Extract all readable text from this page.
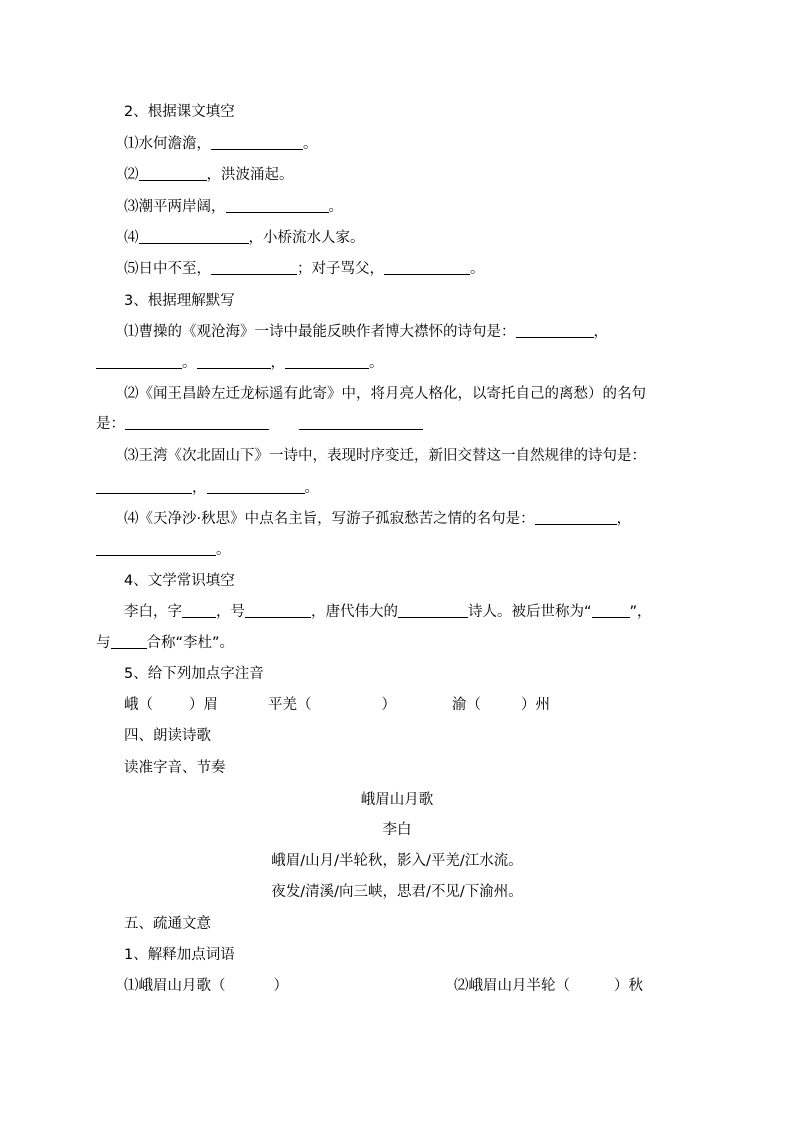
2、根据课文填空
⑴水何澹澹，	。
⑵	，洪波涌起。
⑶潮平两岸阔，	。
⑷	，小桥流水人家。
⑸日中不至，	；对子骂父，	。
3、根据理解默写
⑴曹操的《观沧海》一诗中最能反映作者博大襟怀的诗句是：	，
。	，	。
⑵《闻王昌龄左迁龙标遥有此寄》中，将月亮人格化，以寄托自己的离愁）的名句
是：
⑶王湾《次北固山下》一诗中，表现时序变迁，新旧交替这一自然规律的诗句是：
，	。
⑷《天净沙·秋思》中点名主旨，写游子孤寂愁苦之情的名句是：	，
。
4、文学常识填空
李白，字 ，号	，唐代伟大的	诗人。被后世称为“	”，
与 合称“李杜”。
5、给下列加点字注音
峨（ ）眉	平羌（	）	渝（	）州
四、朗读诗歌
读准字音、节奏
峨眉山月歌
李白
峨眉/山月/半轮秋，影入/平羌/江水流。
夜发/清溪/向三峡，思君/不见/下渝州。
五、疏通文意
1、解释加点词语
⑴峨眉山月歌（	）	⑵峨眉山月半轮（	）秋
